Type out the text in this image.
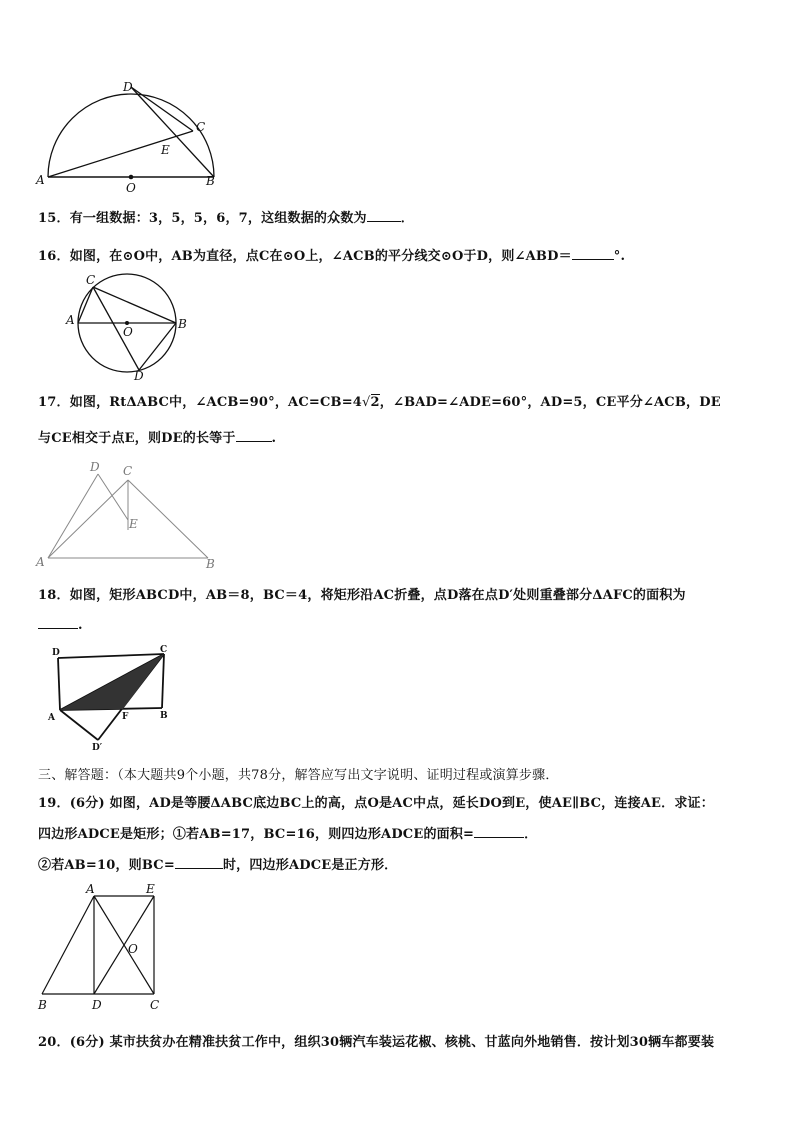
D
C
E
A
O	B
15．有一组数据：3，5，5，6，7，这组数据的众数为	．
16．如图，在⊙O中，AB为直径，点C在⊙O上，∠ACB的平分线交⊙O于D，则∠ABD＝	°.
C
A
O
B
D
17．如图，RtΔABC中，∠ACB=90°，AC=CB=4√2，∠BAD=∠ADE=60°，AD=5，CE平分∠ACB，DE
与CE相交于点E，则DE的长等于	.
D C
E
A	B
18．如图，矩形ABCD中，AB＝8，BC＝4，将矩形沿AC折叠，点D落在点D′处则重叠部分ΔAFC的面积为
.
D	C
A	F	B
D′
三、解答题：（本大题共9个小题，共78分，解答应写出文字说明、证明过程或演算步骤．
19．(6分) 如图，AD是等腰ΔABC底边BC上的高，点O是AC中点，延长DO到E，使AE∥BC，连接AE．求证：
四边形ADCE是矩形；①若AB=17，BC=16，则四边形ADCE的面积=	．
②若AB=10，则BC=	时，四边形ADCE是正方形．
A	E
O
B	D	C
20．(6分) 某市扶贫办在精准扶贫工作中，组织30辆汽车装运花椒、核桃、甘蓝向外地销售．按计划30辆车都要装
